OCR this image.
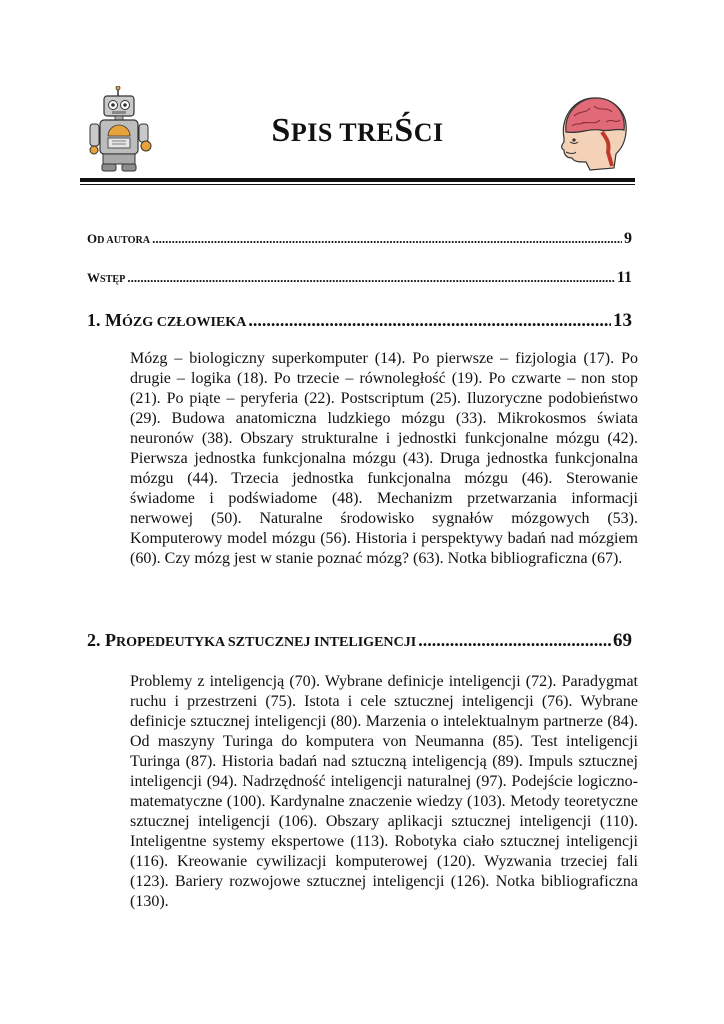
SPIS TREŚCI
OD AUTORA .....	9
WSTĘP .....	11
1. MÓZG CZŁOWIEKA .....	13
Mózg – biologiczny superkomputer (14). Po pierwsze – fizjologia (17). Po drugie – logika (18). Po trzecie – równoległość (19). Po czwarte – non stop (21). Po piąte – peryferia (22). Postscriptum (25). Iluzoryczne podobieństwo (29). Budowa anatomiczna ludzkiego mózgu (33). Mikrokosmos świata neuronów (38). Obszary strukturalne i jednostki funkcjonalne mózgu (42). Pierwsza jednostka funkcjonalna mózgu (43). Druga jednostka funkcjonalna mózgu (44). Trzecia jednostka funkcjonalna mózgu (46). Sterowanie świadome i podświadome (48). Mechanizm przetwarzania informacji nerwowej (50). Naturalne środowisko sygnałów mózgowych (53). Komputerowy model mózgu (56). Historia i perspektywy badań nad mózgiem (60). Czy mózg jest w stanie poznać mózg? (63). Notka bibliograficzna (67).
2. PROPEDEUTYKA SZTUCZNEJ INTELIGENCJI .....	69
Problemy z inteligencją (70). Wybrane definicje inteligencji (72). Paradygmat ruchu i przestrzeni (75). Istota i cele sztucznej inteligencji (76). Wybrane definicje sztucznej inteligencji (80). Marzenia o intelektualnym partnerze (84). Od maszyny Turinga do komputera von Neumanna (85). Test inteligencji Turinga (87). Historia badań nad sztuczną inteligencją (89). Impuls sztucznej inteligencji (94). Nadrzędność inteligencji naturalnej (97). Podejście logiczno-matematyczne (100). Kardynalne znaczenie wiedzy (103). Metody teoretyczne sztucznej inteligencji (106). Obszary aplikacji sztucznej inteligencji (110). Inteligentne systemy ekspertowe (113). Robotyka ciało sztucznej inteligencji (116). Kreowanie cywilizacji komputerowej (120). Wyzwania trzeciej fali (123). Bariery rozwojowe sztucznej inteligencji (126). Notka bibliograficzna (130).
